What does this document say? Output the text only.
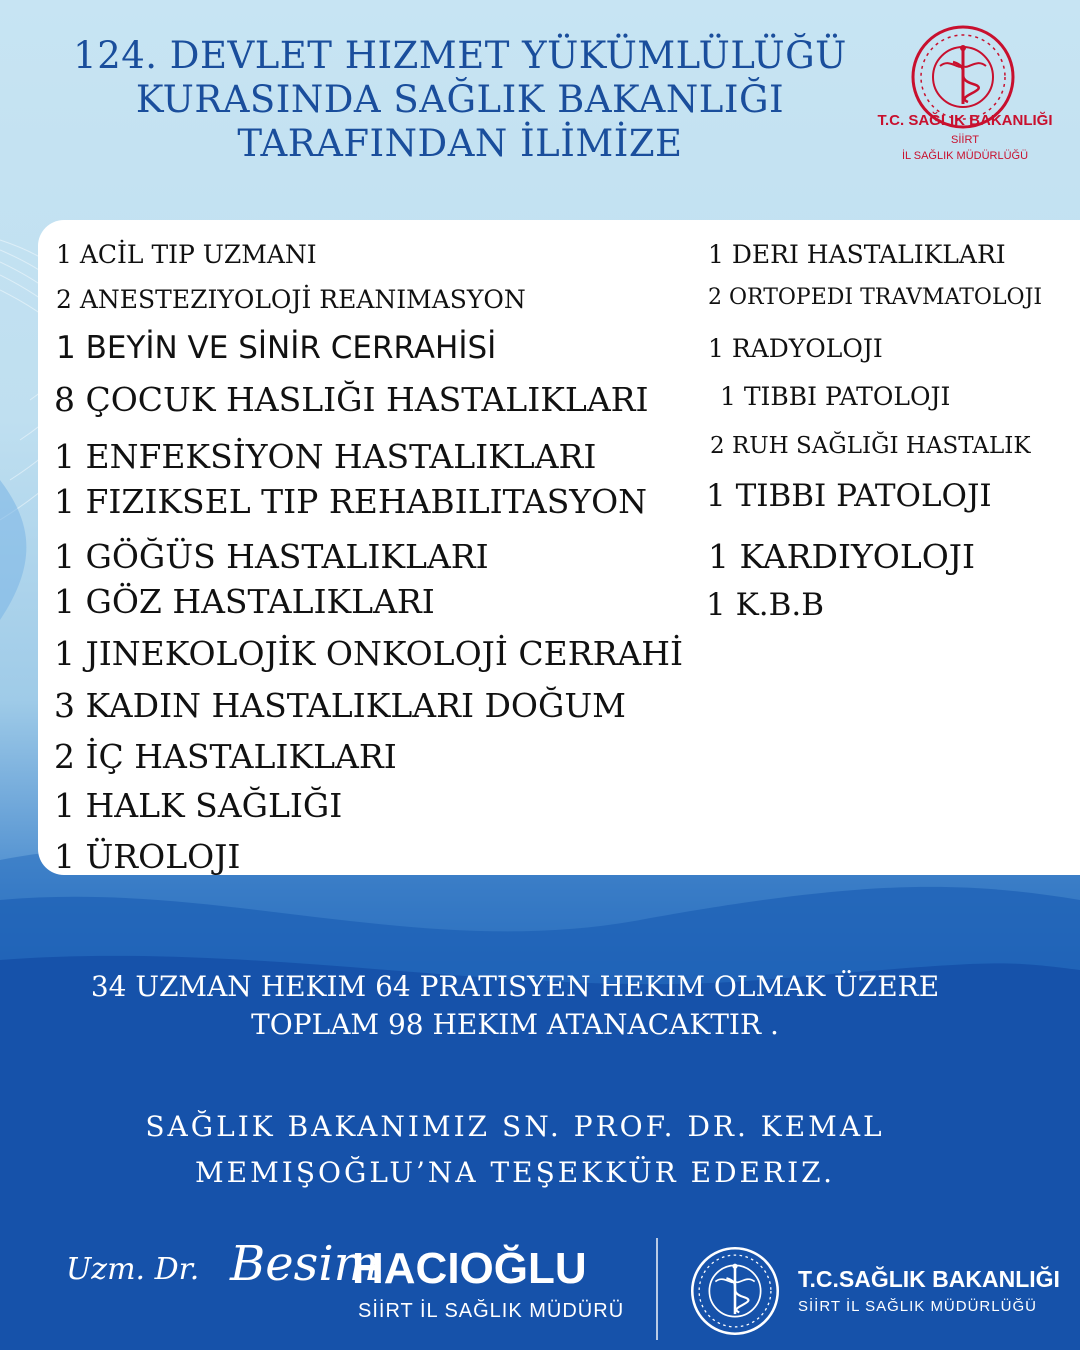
124. DEVLET HIZMET YÜKÜMLÜLÜĞÜ
KURASINDA SAĞLIK BAKANLIĞI
TARAFINDAN İLİMİZE
T.C. SAĞLIK BAKANLIĞI
SİİRT
İL SAĞLIK MÜDÜRLÜĞÜ
1 ACİL TIP UZMANI
2 ANESTEZIYOLOJİ REANIMASYON
1 BEYİN VE SİNİR CERRAHİSİ
8 ÇOCUK HASLIĞI HASTALIKLARI
1 ENFEKSİYON HASTALIKLARI
1 FIZIKSEL TIP REHABILITASYON
1 GÖĞÜS HASTALIKLARI
1 GÖZ HASTALIKLARI
1 JINEKOLOJİK ONKOLOJİ CERRAHİ
3 KADIN HASTALIKLARI DOĞUM
2 İÇ HASTALIKLARI
1 HALK SAĞLIĞI
1 ÜROLOJI
1 DERI HASTALIKLARI
2 ORTOPEDI TRAVMATOLOJI
1 RADYOLOJI
1 TIBBI PATOLOJI
2 RUH SAĞLIĞI HASTALIK
1 TIBBI PATOLOJI
1 KARDIYOLOJI
1 K.B.B
34 UZMAN HEKIM 64 PRATISYEN HEKIM OLMAK ÜZERE
TOPLAM 98 HEKIM ATANACAKTIR .
SAĞLIK BAKANIMIZ SN. PROF. DR. KEMAL
MEMIŞOĞLU’NA TEŞEKKÜR EDERIZ.
Uzm. Dr. Besim
HACIOĞLU
SİİRT İL SAĞLIK MÜDÜRÜ
T.C.SAĞLIK BAKANLIĞI
SİİRT İL SAĞLIK MÜDÜRLÜĞÜ
